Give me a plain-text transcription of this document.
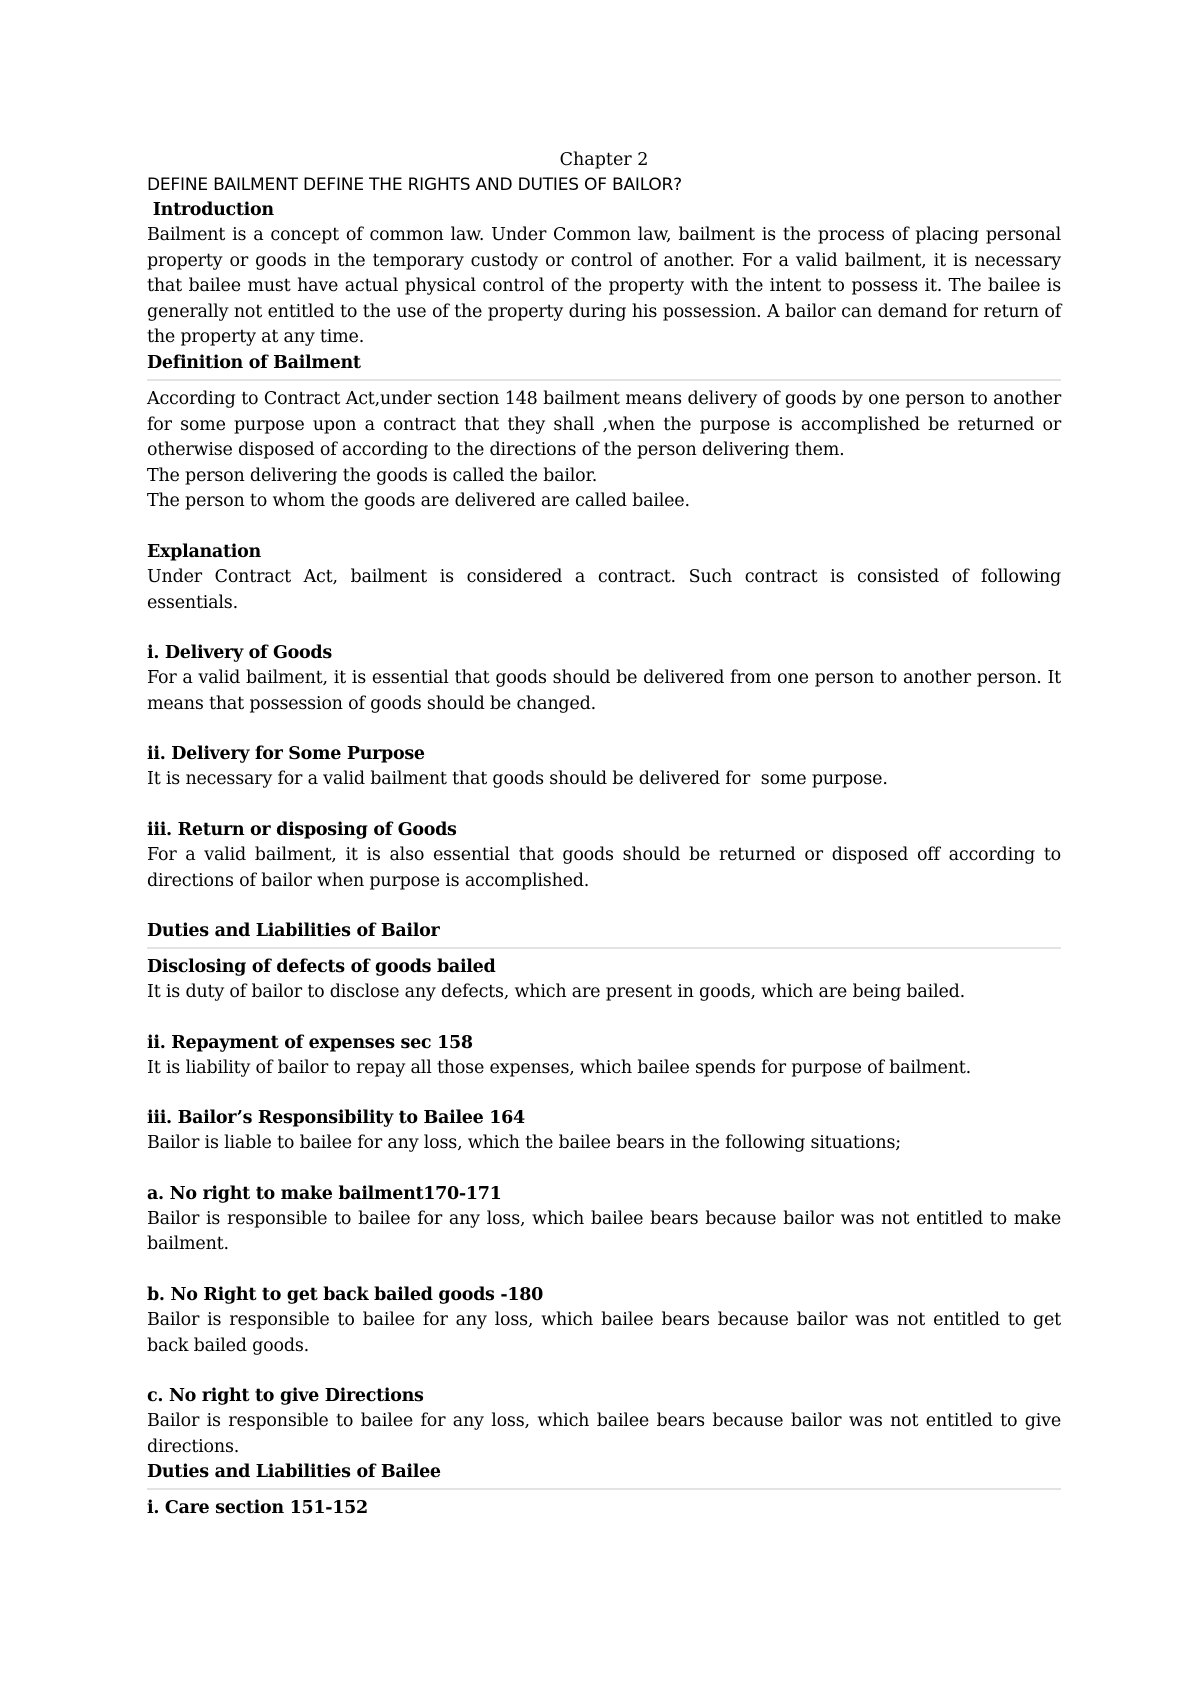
Chapter 2
DEFINE BAILMENT DEFINE THE RIGHTS AND DUTIES OF BAILOR?
Introduction
Bailment is a concept of common law. Under Common law, bailment is the process of placing personal property or goods in the temporary custody or control of another. For a valid bailment, it is necessary that bailee must have actual physical control of the property with the intent to possess it. The bailee is generally not entitled to the use of the property during his possession. A bailor can demand for return of the property at any time.
Definition of Bailment
According to Contract Act,under section 148 bailment means delivery of goods by one person to another for some purpose upon a contract that they shall ,when the purpose is accomplished be returned or otherwise disposed of according to the directions of the person delivering them.
The person delivering the goods is called the bailor.
The person to whom the goods are delivered are called bailee.
Explanation
Under Contract Act, bailment is considered a contract. Such contract is consisted of following essentials.
i. Delivery of Goods
For a valid bailment, it is essential that goods should be delivered from one person to another person. It means that possession of goods should be changed.
ii. Delivery for Some Purpose
It is necessary for a valid bailment that goods should be delivered for  some purpose.
iii. Return or disposing of Goods
For a valid bailment, it is also essential that goods should be returned or disposed off according to directions of bailor when purpose is accomplished.
Duties and Liabilities of Bailor
Disclosing of defects of goods bailed
It is duty of bailor to disclose any defects, which are present in goods, which are being bailed.
ii. Repayment of expenses sec 158
It is liability of bailor to repay all those expenses, which bailee spends for purpose of bailment.
iii. Bailor’s Responsibility to Bailee 164
Bailor is liable to bailee for any loss, which the bailee bears in the following situations;
a. No right to make bailment170-171
Bailor is responsible to bailee for any loss, which bailee bears because bailor was not entitled to make bailment.
b. No Right to get back bailed goods -180
Bailor is responsible to bailee for any loss, which bailee bears because bailor was not entitled to get back bailed goods.
c. No right to give Directions
Bailor is responsible to bailee for any loss, which bailee bears because bailor was not entitled to give directions.
Duties and Liabilities of Bailee
i. Care section 151-152
